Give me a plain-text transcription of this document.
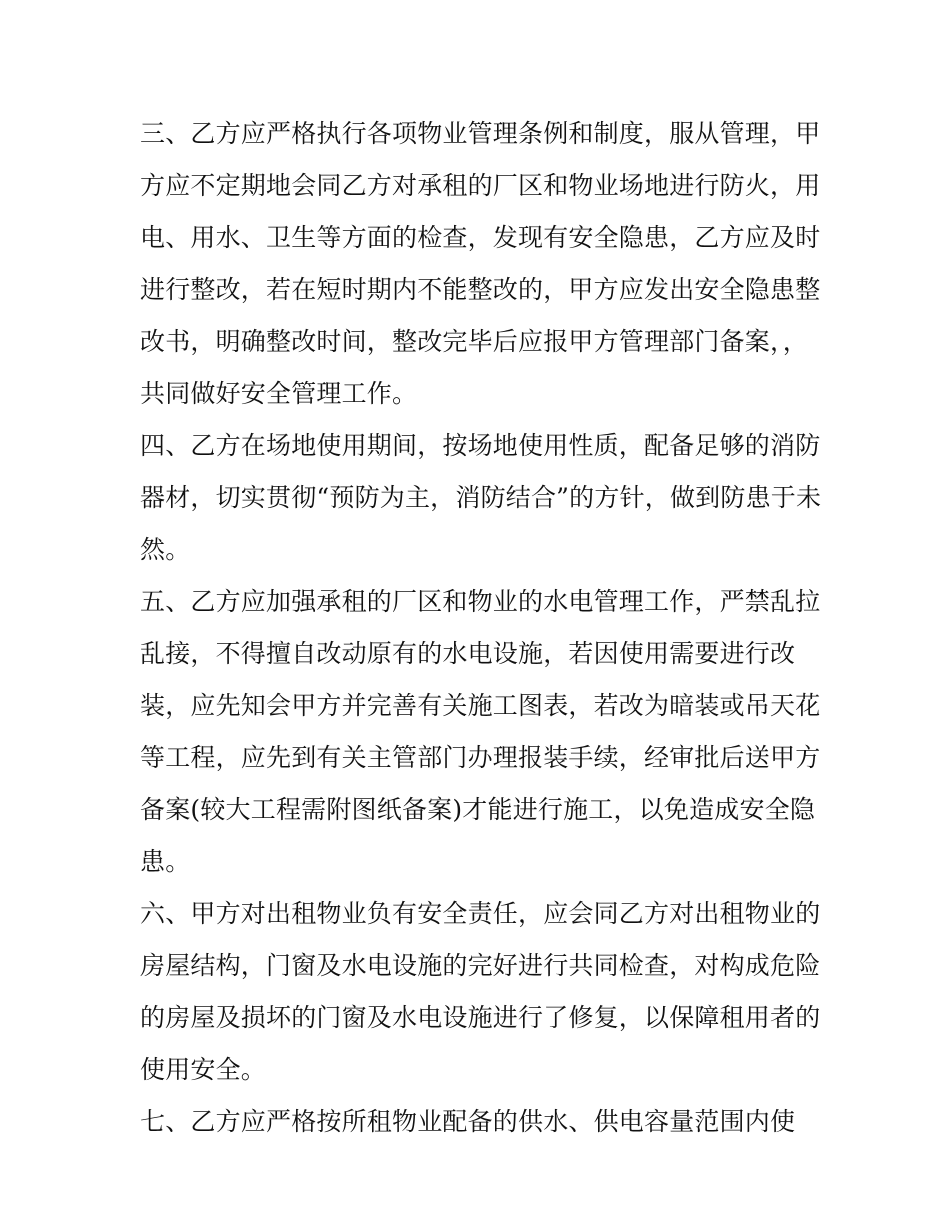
三、乙方应严格执行各项物业管理条例和制度，服从管理，甲
方应不定期地会同乙方对承租的厂区和物业场地进行防火，用
电、用水、卫生等方面的检查，发现有安全隐患，乙方应及时
进行整改，若在短时期内不能整改的，甲方应发出安全隐患整
改书，明确整改时间，整改完毕后应报甲方管理部门备案，，
共同做好安全管理工作。
四、乙方在场地使用期间，按场地使用性质，配备足够的消防
器材，切实贯彻“预防为主，消防结合”的方针，做到防患于未
然。
五、乙方应加强承租的厂区和物业的水电管理工作，严禁乱拉
乱接，不得擅自改动原有的水电设施，若因使用需要进行改
装，应先知会甲方并完善有关施工图表，若改为暗装或吊天花
等工程，应先到有关主管部门办理报装手续，经审批后送甲方
备案(较大工程需附图纸备案)才能进行施工，以免造成安全隐
患。
六、甲方对出租物业负有安全责任，应会同乙方对出租物业的
房屋结构，门窗及水电设施的完好进行共同检查，对构成危险
的房屋及损坏的门窗及水电设施进行了修复，以保障租用者的
使用安全。
七、乙方应严格按所租物业配备的供水、供电容量范围内使
